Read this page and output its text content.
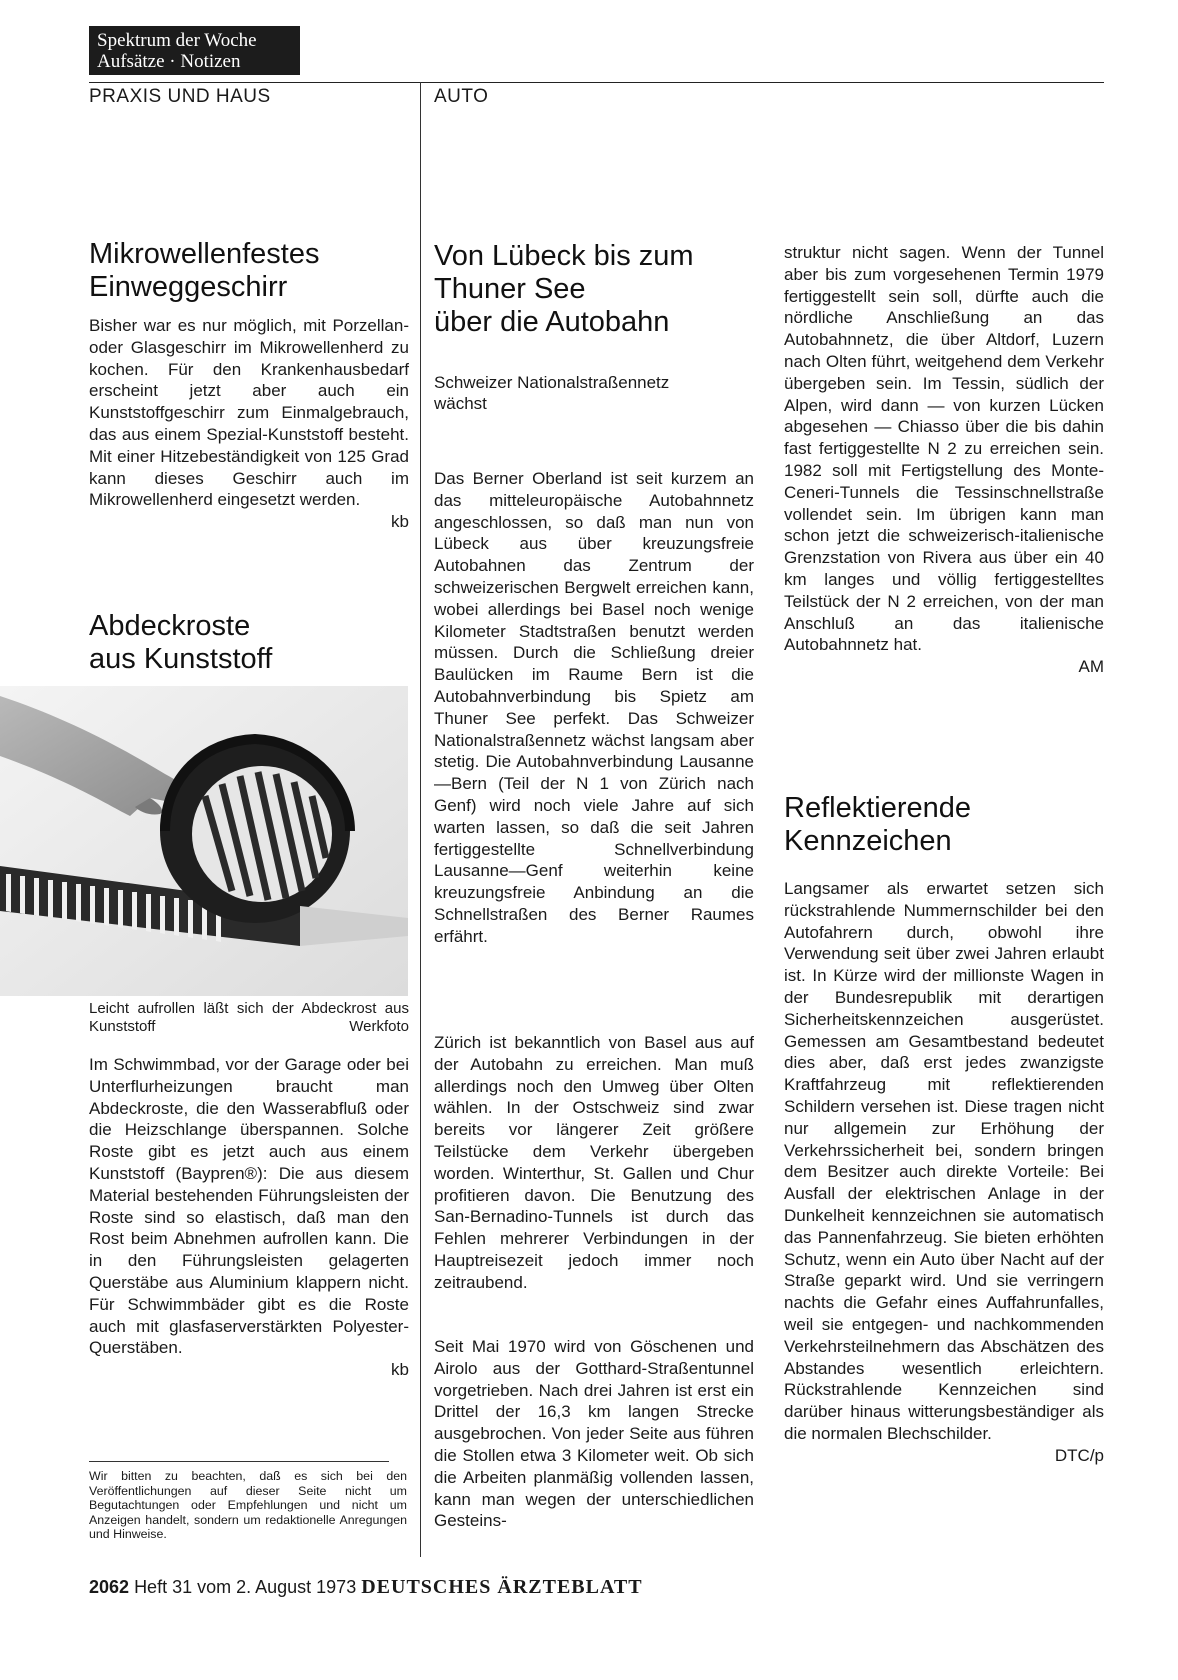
Spektrum der Woche
Aufsätze · Notizen
PRAXIS UND HAUS	AUTO
Mikrowellenfestes
Einweggeschirr

Bisher war es nur möglich, mit Porzellan- oder Glasgeschirr im Mikrowellenherd zu kochen. Für den Krankenhausbedarf erscheint jetzt aber auch ein Kunststoffgeschirr zum Einmalgebrauch, das aus einem Spezial-Kunststoff besteht. Mit einer Hitzebeständigkeit von 125 Grad kann dieses Geschirr auch im Mikrowellenherd eingesetzt werden.

kb
Abdeckroste
aus Kunststoff
Leicht aufrollen läßt sich der Abdeckrost aus Kunststoff	Werkfoto

Im Schwimmbad, vor der Garage oder bei Unterflurheizungen braucht man Abdeckroste, die den Wasserabfluß oder die Heizschlange überspannen. Solche Roste gibt es jetzt auch aus einem Kunststoff (Baypren®): Die aus diesem Material bestehenden Führungsleisten der Roste sind so elastisch, daß man den Rost beim Abnehmen aufrollen kann. Die in den Führungsleisten gelagerten Querstäbe aus Aluminium klappern nicht. Für Schwimmbäder gibt es die Roste auch mit glasfaserverstärkten Polyester-Querstäben.

kb
Wir bitten zu beachten, daß es sich bei den Veröffentlichungen auf dieser Seite nicht um Begutachtungen oder Empfehlungen und nicht um Anzeigen handelt, sondern um redaktionelle Anregungen und Hinweise.
Von Lübeck bis zum
Thuner See
über die Autobahn
Schweizer Nationalstraßennetz wächst

Das Berner Oberland ist seit kurzem an das mitteleuropäische Autobahnnetz angeschlossen, so daß man nun von Lübeck aus über kreuzungsfreie Autobahnen das Zentrum der schweizerischen Bergwelt erreichen kann, wobei allerdings bei Basel noch wenige Kilometer Stadtstraßen benutzt werden müssen. Durch die Schließung dreier Baulücken im Raume Bern ist die Autobahnverbindung bis Spietz am Thuner See perfekt. Das Schweizer Nationalstraßennetz wächst langsam aber stetig. Die Autobahnverbindung Lausanne—Bern (Teil der N 1 von Zürich nach Genf) wird noch viele Jahre auf sich warten lassen, so daß die seit Jahren fertiggestellte Schnellverbindung Lausanne—Genf weiterhin keine kreuzungsfreie Anbindung an die Schnellstraßen des Berner Raumes erfährt.

Zürich ist bekanntlich von Basel aus auf der Autobahn zu erreichen. Man muß allerdings noch den Umweg über Olten wählen. In der Ostschweiz sind zwar bereits vor längerer Zeit größere Teilstücke dem Verkehr übergeben worden. Winterthur, St. Gallen und Chur profitieren davon. Die Benutzung des San-Bernadino-Tunnels ist durch das Fehlen mehrerer Verbindungen in der Hauptreisezeit jedoch immer noch zeitraubend.

Seit Mai 1970 wird von Göschenen und Airolo aus der Gotthard-Straßentunnel vorgetrieben. Nach drei Jahren ist erst ein Drittel der 16,3 km langen Strecke ausgebrochen. Von jeder Seite aus führen die Stollen etwa 3 Kilometer weit. Ob sich die Arbeiten planmäßig vollenden lassen, kann man wegen der unterschiedlichen Gesteins-

struktur nicht sagen. Wenn der Tunnel aber bis zum vorgesehenen Termin 1979 fertiggestellt sein soll, dürfte auch die nördliche Anschließung an das Autobahnnetz, die über Altdorf, Luzern nach Olten führt, weitgehend dem Verkehr übergeben sein. Im Tessin, südlich der Alpen, wird dann — von kurzen Lücken abgesehen — Chiasso über die bis dahin fast fertiggestellte N 2 zu erreichen sein. 1982 soll mit Fertigstellung des Monte-Ceneri-Tunnels die Tessinschnellstraße vollendet sein. Im übrigen kann man schon jetzt die schweizerisch-italienische Grenzstation von Rivera aus über ein 40 km langes und völlig fertiggestelltes Teilstück der N 2 erreichen, von der man Anschluß an das italienische Autobahnnetz hat.

AM
Reflektierende
Kennzeichen

Langsamer als erwartet setzen sich rückstrahlende Nummernschilder bei den Autofahrern durch, obwohl ihre Verwendung seit über zwei Jahren erlaubt ist. In Kürze wird der millionste Wagen in der Bundesrepublik mit derartigen Sicherheitskennzeichen ausgerüstet. Gemessen am Gesamtbestand bedeutet dies aber, daß erst jedes zwanzigste Kraftfahrzeug mit reflektierenden Schildern versehen ist. Diese tragen nicht nur allgemein zur Erhöhung der Verkehrssicherheit bei, sondern bringen dem Besitzer auch direkte Vorteile: Bei Ausfall der elektrischen Anlage in der Dunkelheit kennzeichnen sie automatisch das Pannenfahrzeug. Sie bieten erhöhten Schutz, wenn ein Auto über Nacht auf der Straße geparkt wird. Und sie verringern nachts die Gefahr eines Auffahrunfalles, weil sie entgegen- und nachkommenden Verkehrsteilnehmern das Abschätzen des Abstandes wesentlich erleichtern. Rückstrahlende Kennzeichen sind darüber hinaus witterungsbeständiger als die normalen Blechschilder.

DTC/p
2062 Heft 31 vom 2. August 1973 DEUTSCHES ÄRZTEBLATT
